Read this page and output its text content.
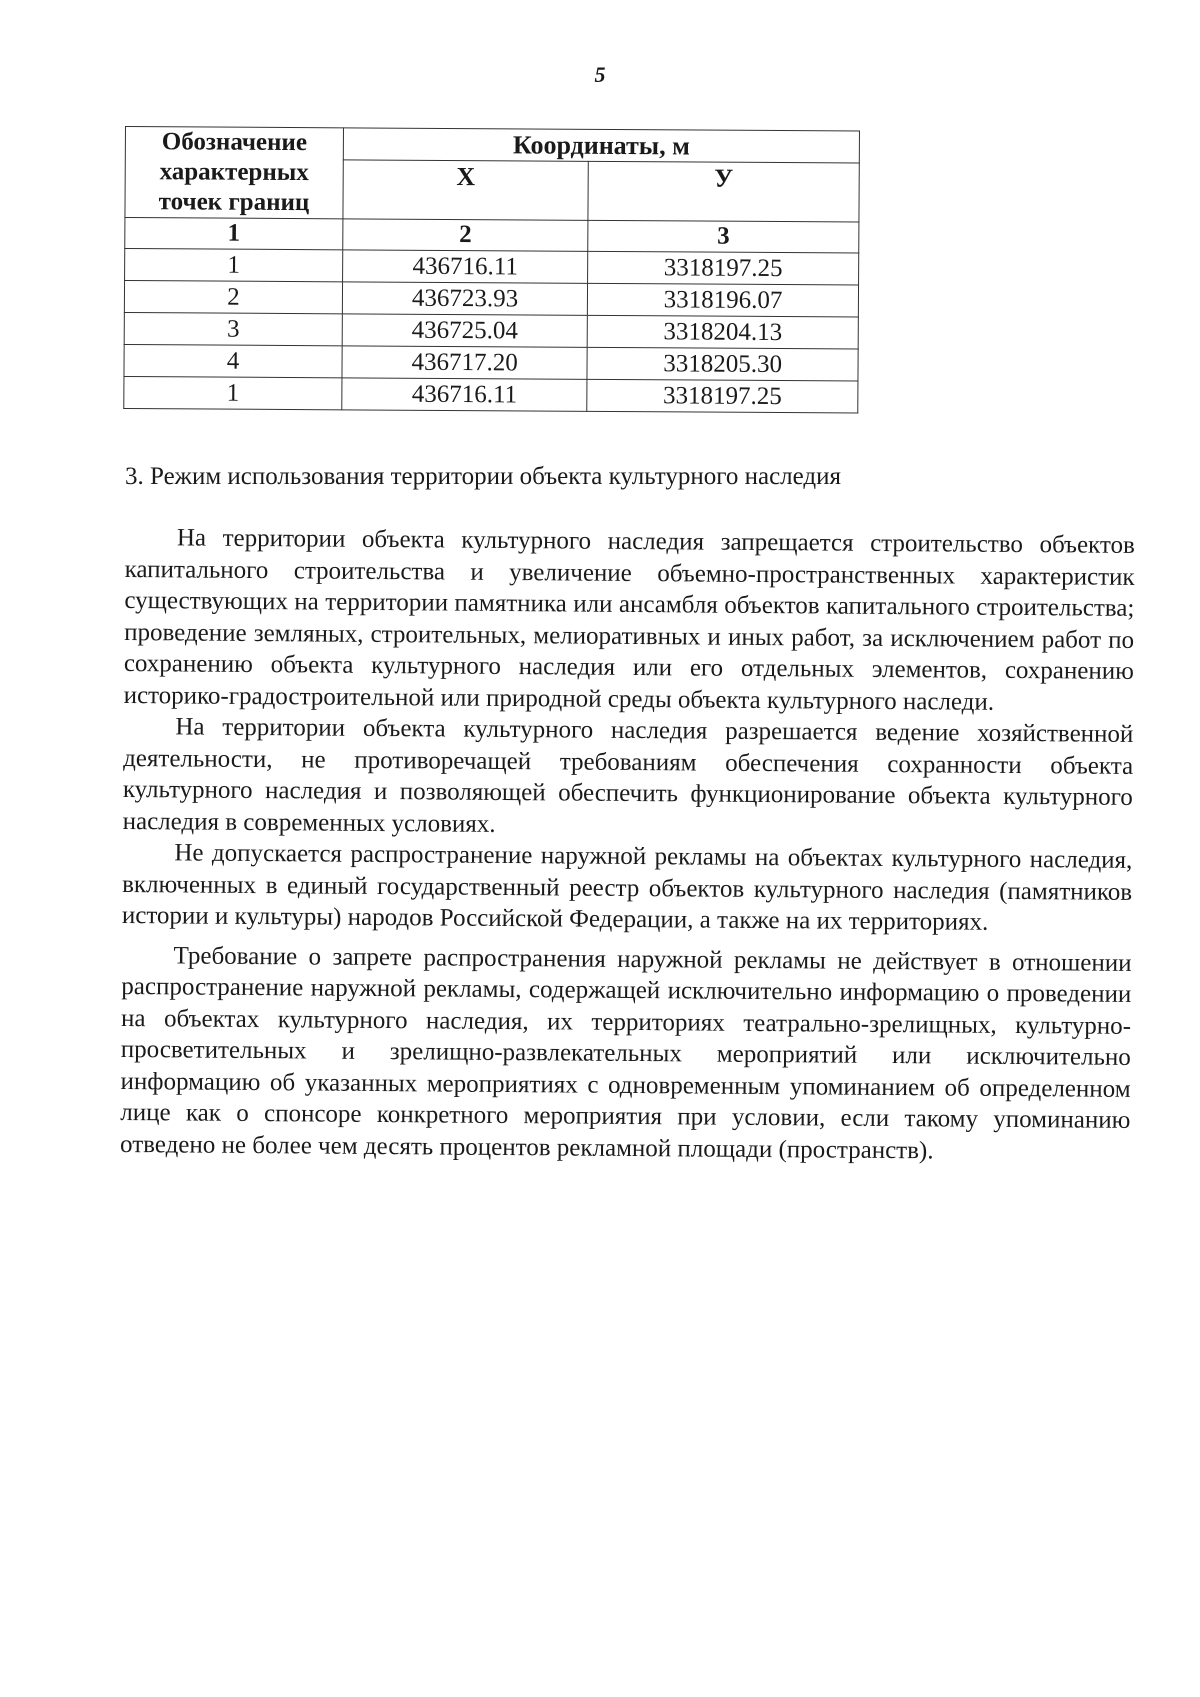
5
Обозначение характерных точек границ	Координаты, м	
	Х	У
1	2	3
1	436716.11	3318197.25
2	436723.93	3318196.07
3	436725.04	3318204.13
4	436717.20	3318205.30
1	436716.11	3318197.25
3. Режим использования территории объекта культурного наследия

На территории объекта культурного наследия запрещается строительство объектов капитального строительства и увеличение объемно-пространственных характеристик существующих на территории памятника или ансамбля объектов капитального строительства; проведение земляных, строительных, мелиоративных и иных работ, за исключением работ по сохранению объекта культурного наследия или его отдельных элементов, сохранению историко-градостроительной или природной среды объекта культурного наследи.

На территории объекта культурного наследия разрешается ведение хозяйственной деятельности, не противоречащей требованиям обеспечения сохранности объекта культурного наследия и позволяющей обеспечить функционирование объекта культурного наследия в современных условиях.

Не допускается распространение наружной рекламы на объектах культурного наследия, включенных в единый государственный реестр объектов культурного наследия (памятников истории и культуры) народов Российской Федерации, а также на их территориях.

Требование о запрете распространения наружной рекламы не действует в отношении распространение наружной рекламы, содержащей исключительно информацию о проведении на объектах культурного наследия, их территориях театрально-зрелищных, культурно-просветительных и зрелищно-развлекательных мероприятий или исключительно информацию об указанных мероприятиях с одновременным упоминанием об определенном лице как о спонсоре конкретного мероприятия при условии, если такому упоминанию отведено не более чем десять процентов рекламной площади (пространств).
